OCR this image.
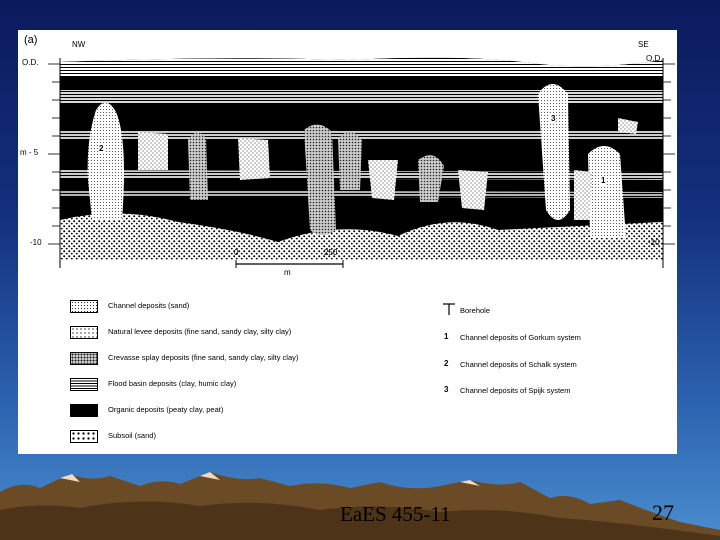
(a)	NW	SE
O.D.
m - 5
-10
O.D.
-5 m
-10
2
3
1
0	250
m
Channel deposits (sand)
Natural levee deposits (fine sand, sandy clay, silty clay)
Crevasse splay deposits (fine sand, sandy clay, silty clay)
Flood basin deposits (clay, humic clay)
Organic deposits (peaty clay, peat)
Subsoil (sand)
Borehole
1 Channel deposits of Gorkum system
2 Channel deposits of Schalk system
3 Channel deposits of Spijk system
EaES 455-11	27
